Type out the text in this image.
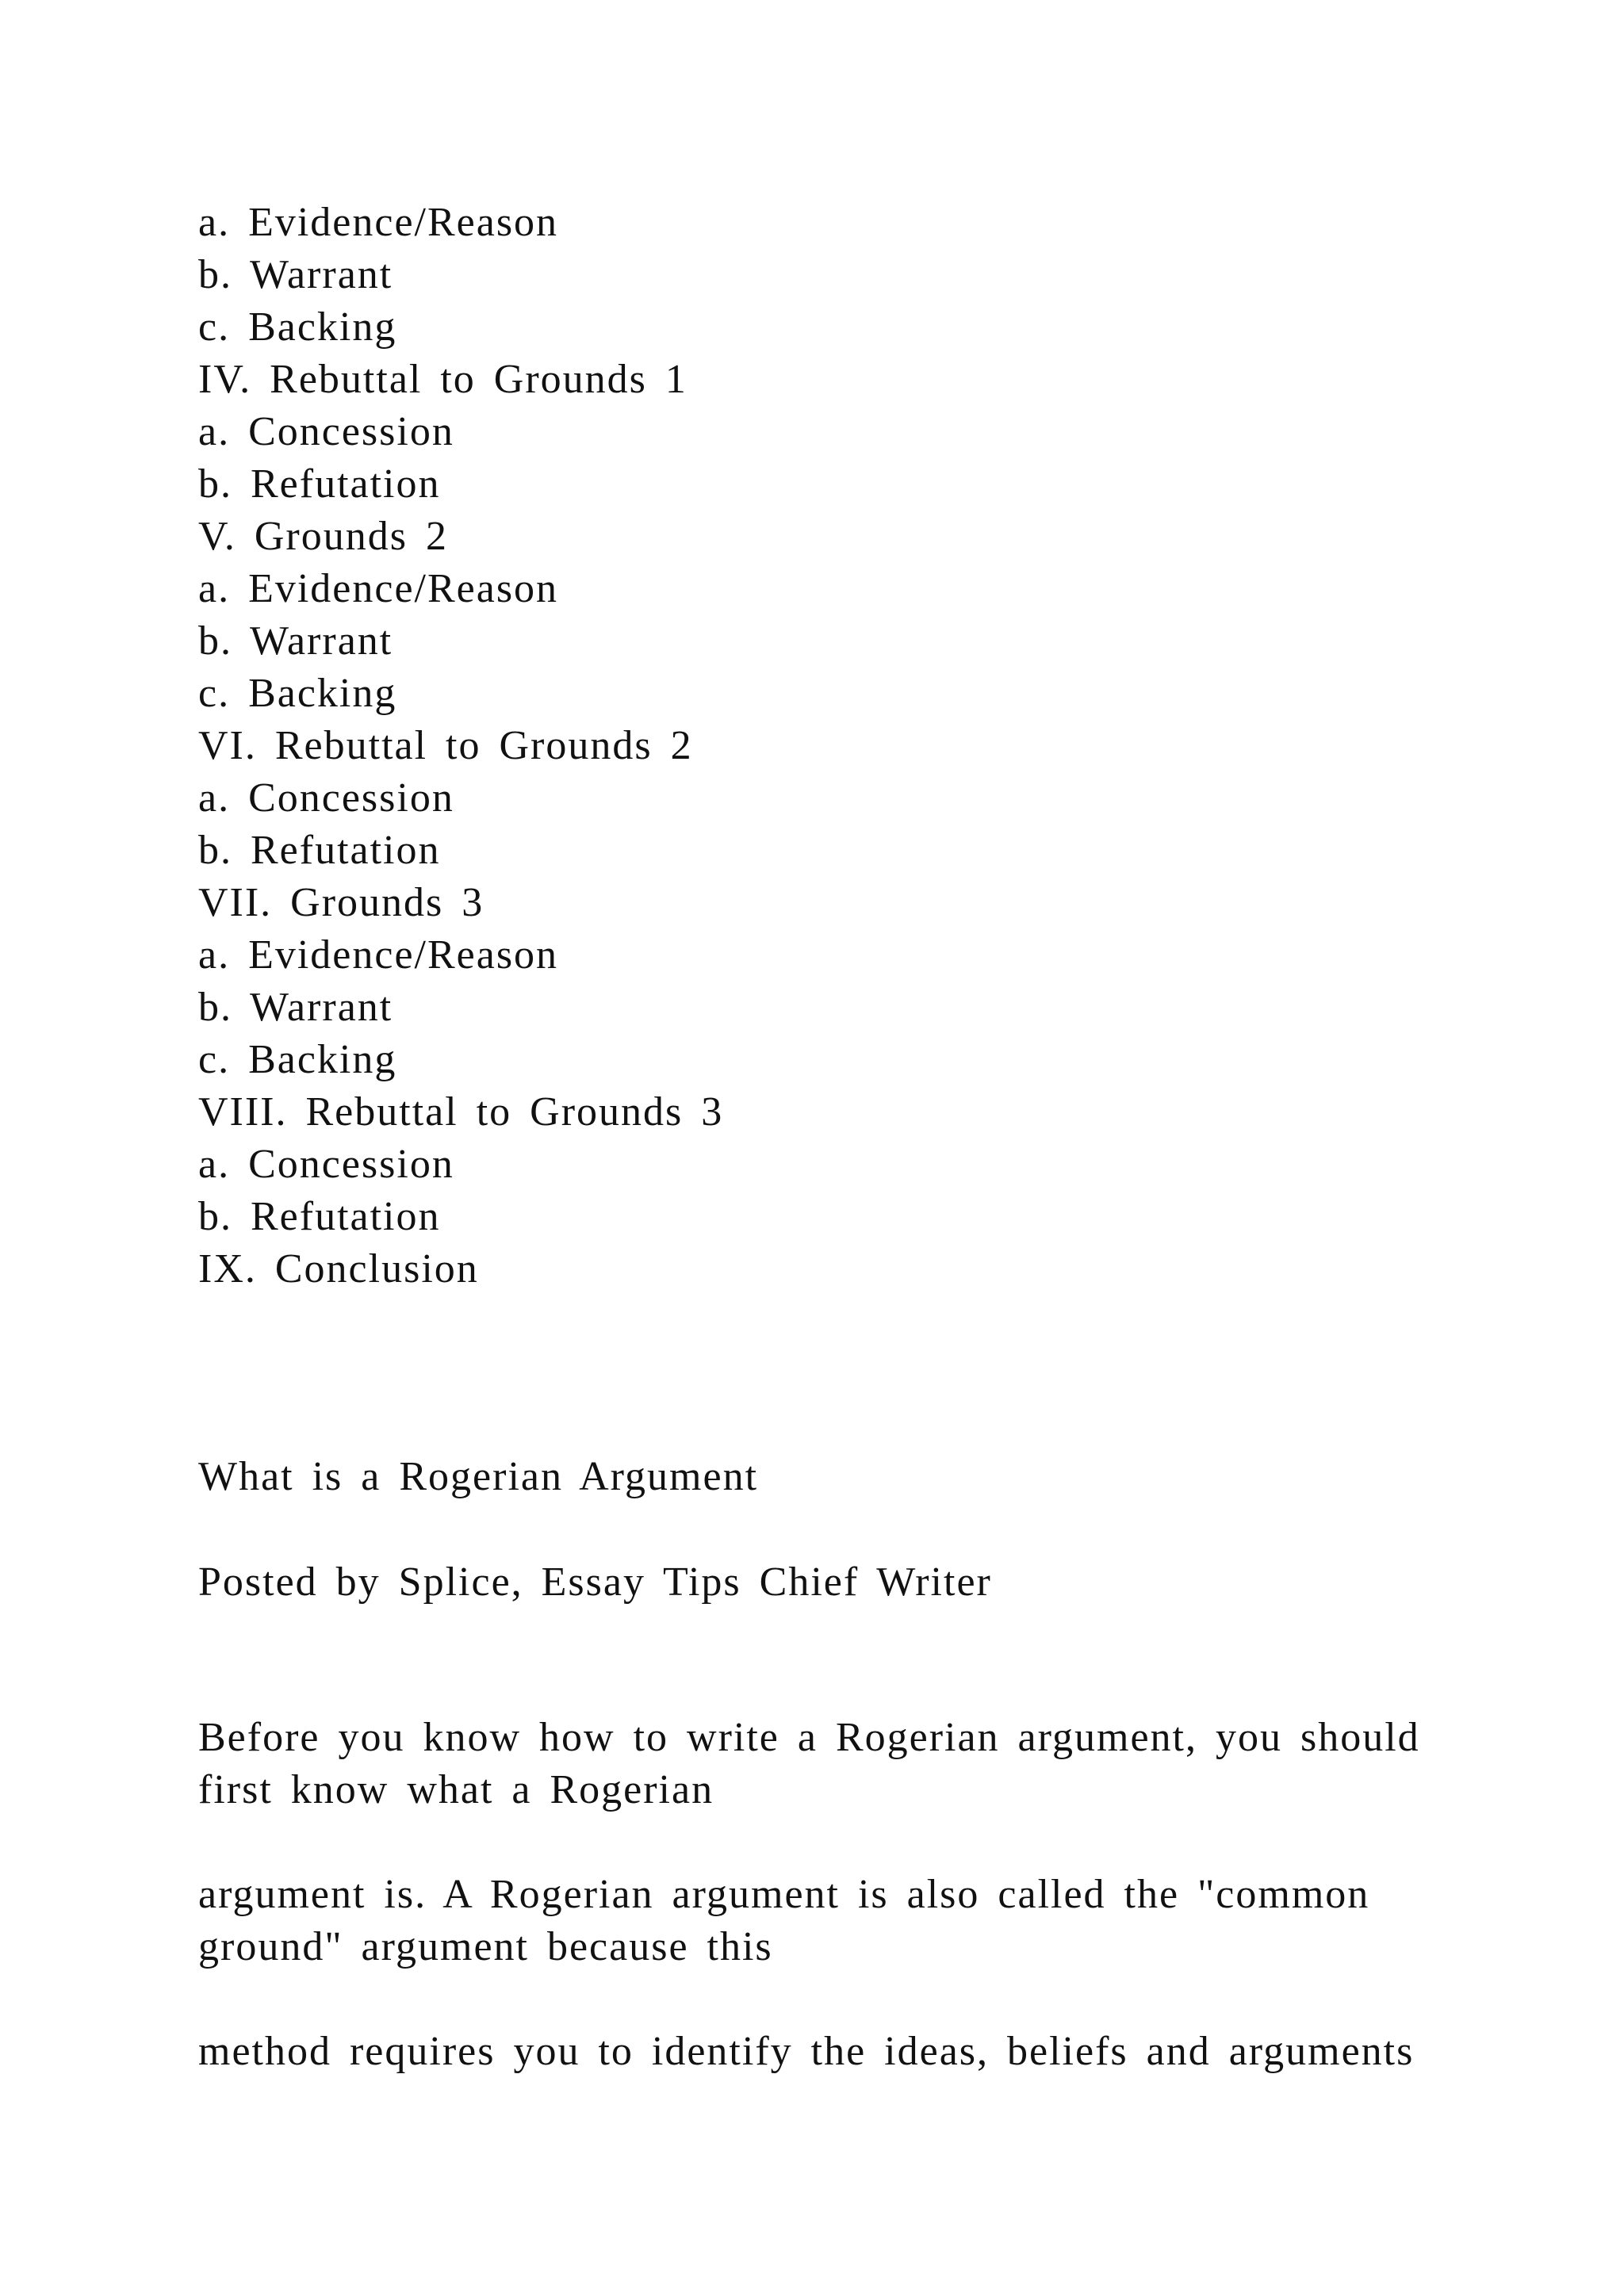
a. Evidence/Reason

b. Warrant

c. Backing

IV. Rebuttal to Grounds 1

a. Concession

b. Refutation

V. Grounds 2

a. Evidence/Reason

b. Warrant

c. Backing

VI. Rebuttal to Grounds 2

a. Concession

b. Refutation

VII. Grounds 3

a. Evidence/Reason

b. Warrant

c. Backing

VIII. Rebuttal to Grounds 3

a. Concession

b. Refutation

IX. Conclusion

What is a Rogerian Argument

Posted by Splice, Essay Tips Chief Writer

Before you know how to write a Rogerian argument, you should

first know what a Rogerian

argument is. A Rogerian argument is also called the "common

ground" argument because this

method requires you to identify the ideas, beliefs and arguments
